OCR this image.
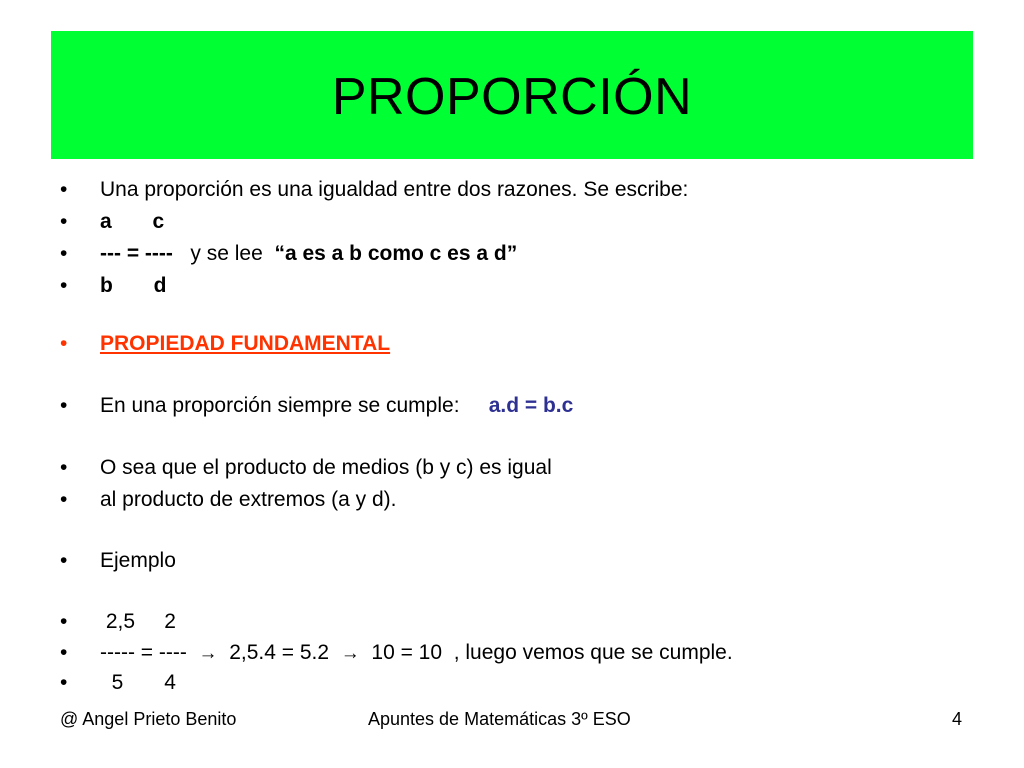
PROPORCIÓN
• Una proporción es una igualdad entre dos razones. Se escribe:
• a       c
• --- = ----   y se lee  “a es a b como c es a d”
• b       d
• PROPIEDAD FUNDAMENTAL
• En una proporción siempre se cumple:     a.d = b.c
• O sea que el producto de medios (b y c) es igual
• al producto de extremos (a y d).
• Ejemplo
• 2,5     2
• ----- = ----  →  2,5.4 = 5.2  →  10 = 10  , luego vemos que se cumple.
• 5       4
@ Angel Prieto Benito	Apuntes de Matemáticas 3º ESO	4
